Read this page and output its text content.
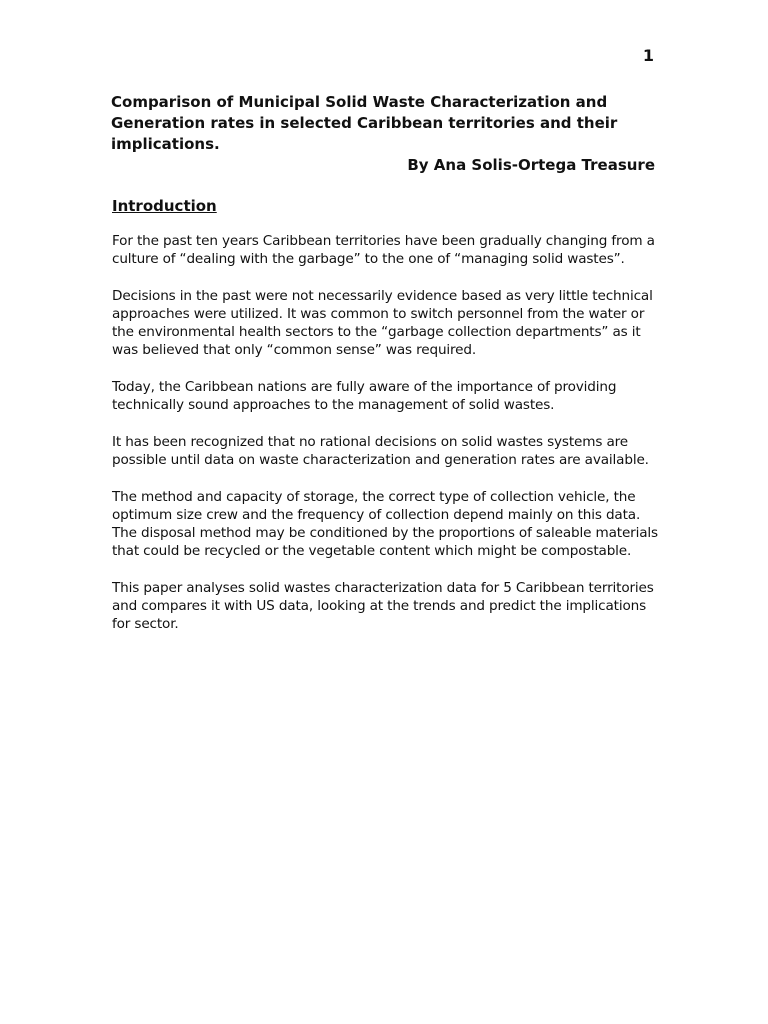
1
Comparison of Municipal Solid Waste Characterization and Generation rates in selected Caribbean territories and their implications.
By Ana Solis-Ortega Treasure
Introduction

For the past ten years Caribbean territories have been gradually changing from a culture of “dealing with the garbage” to the one of “managing solid wastes”.

Decisions in the past were not necessarily evidence based as very little technical approaches were utilized. It was common to switch personnel from the water or the environmental health sectors to the “garbage collection departments” as it was believed that only “common sense” was required.

Today, the Caribbean nations are fully aware of the importance of providing technically sound approaches to the management of solid wastes.

It has been recognized that no rational decisions on solid wastes systems are possible until data on waste characterization and generation rates are available.

The method and capacity of storage, the correct type of collection vehicle, the optimum size crew and the frequency of collection depend mainly on this data. The disposal method may be conditioned by the proportions of saleable materials that could be recycled or the vegetable content which might be compostable.

This paper analyses solid wastes characterization data for 5 Caribbean territories and compares it with US data, looking at the trends and predict the implications for sector.
